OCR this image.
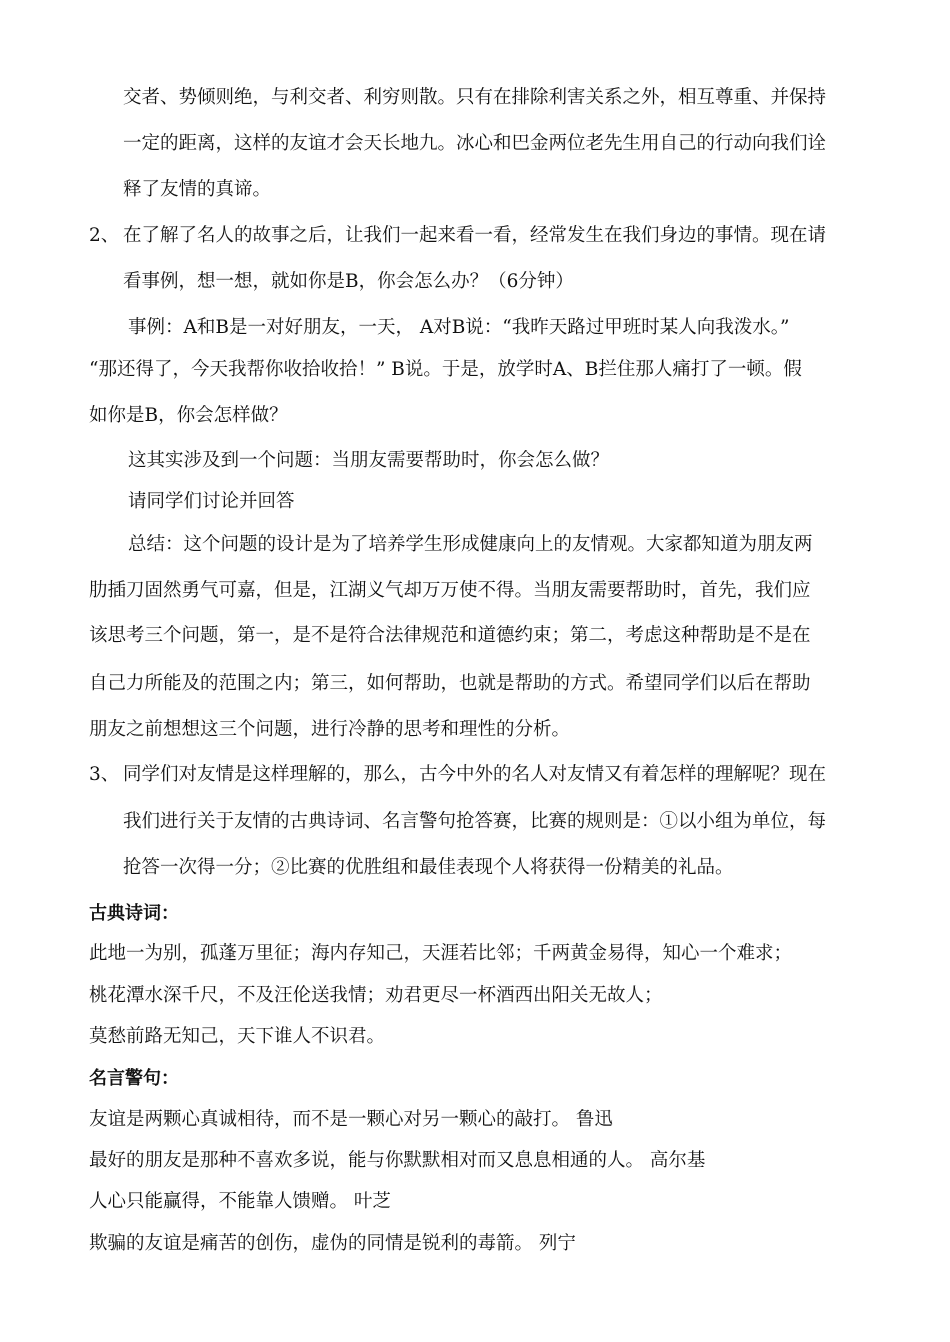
交者、势倾则绝，与利交者、利穷则散。只有在排除利害关系之外，相互尊重、并保持
一定的距离，这样的友谊才会天长地九。冰心和巴金两位老先生用自己的行动向我们诠
释了友情的真谛。
2、 在了解了名人的故事之后，让我们一起来看一看，经常发生在我们身边的事情。现在请
看事例，想一想，就如你是B，你会怎么办？（6分钟）
事例：A和B是一对好朋友，一天， A对B说：“我昨天路过甲班时某人向我泼水。”
“那还得了，今天我帮你收拾收拾！” B说。于是，放学时A、B拦住那人痛打了一顿。假
如你是B，你会怎样做？
这其实涉及到一个问题：当朋友需要帮助时，你会怎么做？
请同学们讨论并回答
总结：这个问题的设计是为了培养学生形成健康向上的友情观。大家都知道为朋友两
肋插刀固然勇气可嘉，但是，江湖义气却万万使不得。当朋友需要帮助时，首先，我们应
该思考三个问题，第一，是不是符合法律规范和道德约束；第二，考虑这种帮助是不是在
自己力所能及的范围之内；第三，如何帮助，也就是帮助的方式。希望同学们以后在帮助
朋友之前想想这三个问题，进行冷静的思考和理性的分析。
3、 同学们对友情是这样理解的，那么，古今中外的名人对友情又有着怎样的理解呢？现在
我们进行关于友情的古典诗词、名言警句抢答赛，比赛的规则是：①以小组为单位，每
抢答一次得一分；②比赛的优胜组和最佳表现个人将获得一份精美的礼品。
古典诗词：
此地一为别，孤蓬万里征；海内存知己，天涯若比邻；千两黄金易得，知心一个难求；
桃花潭水深千尺，不及汪伦送我情；劝君更尽一杯酒西出阳关无故人；
莫愁前路无知己，天下谁人不识君。
名言警句：
友谊是两颗心真诚相待，而不是一颗心对另一颗心的敲打。 鲁迅
最好的朋友是那种不喜欢多说，能与你默默相对而又息息相通的人。 高尔基
人心只能赢得，不能靠人馈赠。 叶芝
欺骗的友谊是痛苦的创伤，虚伪的同情是锐利的毒箭。 列宁
